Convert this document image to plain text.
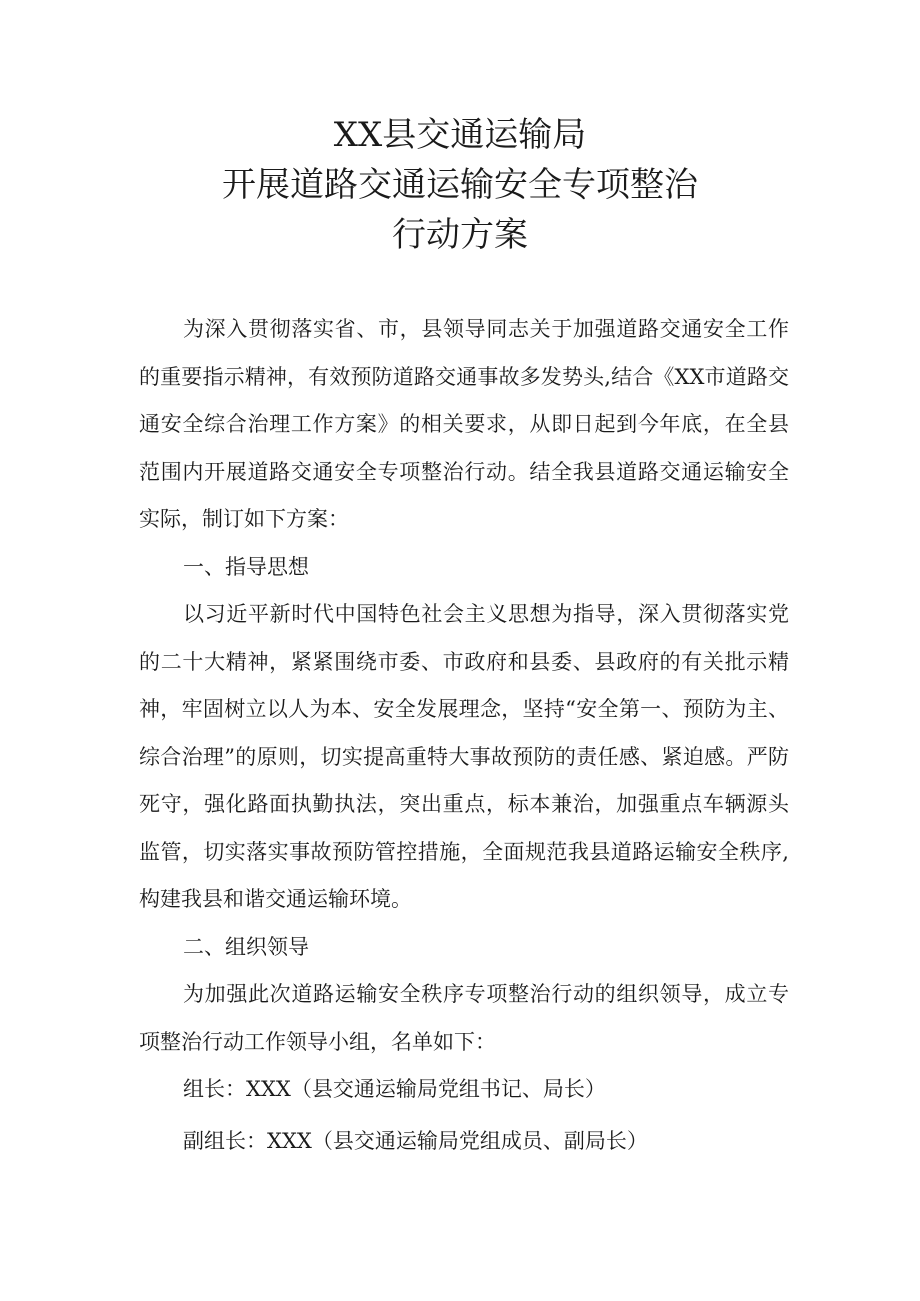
XX县交通运输局
开展道路交通运输安全专项整治
行动方案

为深入贯彻落实省、市，县领导同志关于加强道路交通安全工作的重要指示精神，有效预防道路交通事故多发势头,结合《XX市道路交通安全综合治理工作方案》的相关要求，从即日起到今年底，在全县范围内开展道路交通安全专项整治行动。结全我县道路交通运输安全实际，制订如下方案：

一、指导思想

以习近平新时代中国特色社会主义思想为指导，深入贯彻落实党的二十大精神，紧紧围绕市委、市政府和县委、县政府的有关批示精神，牢固树立以人为本、安全发展理念，坚持“安全第一、预防为主、综合治理”的原则，切实提高重特大事故预防的责任感、紧迫感。严防死守，强化路面执勤执法，突出重点，标本兼治，加强重点车辆源头监管，切实落实事故预防管控措施，全面规范我县道路运输安全秩序,构建我县和谐交通运输环境。

二、组织领导

为加强此次道路运输安全秩序专项整治行动的组织领导，成立专项整治行动工作领导小组，名单如下：

组长：XXX（县交通运输局党组书记、局长）

副组长：XXX（县交通运输局党组成员、副局长）
